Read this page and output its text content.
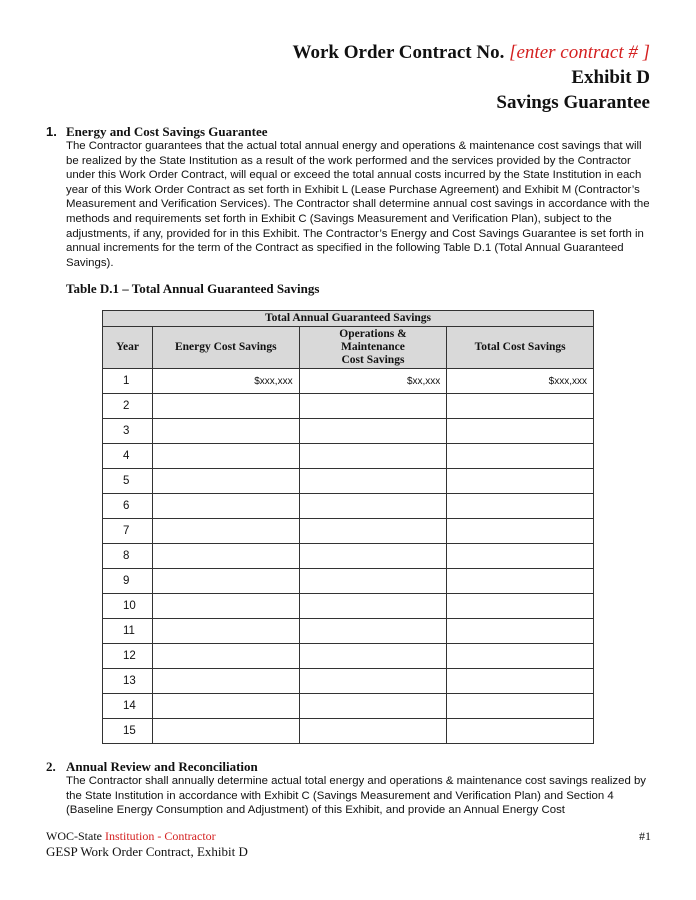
Work Order Contract No. [enter contract # ]
Exhibit D
Savings Guarantee
1. Energy and Cost Savings Guarantee
The Contractor guarantees that the actual total annual energy and operations & maintenance cost savings that will be realized by the State Institution as a result of the work performed and the services provided by the Contractor under this Work Order Contract, will equal or exceed the total annual costs incurred by the State Institution in each year of this Work Order Contract as set forth in Exhibit L (Lease Purchase Agreement) and Exhibit M (Contractor’s Measurement and Verification Services). The Contractor shall determine annual cost savings in accordance with the methods and requirements set forth in Exhibit C (Savings Measurement and Verification Plan), subject to the adjustments, if any, provided for in this Exhibit. The Contractor’s Energy and Cost Savings Guarantee is set forth in annual increments for the term of the Contract as specified in the following Table D.1 (Total Annual Guaranteed Savings).
Table D.1 – Total Annual Guaranteed Savings
Total Annual Guaranteed Savings			
Year	Energy Cost Savings	Operations &
Maintenance
Cost Savings	Total Cost Savings
1	$xxx,xxx	$xx,xxx	$xxx,xxx
2			
3			
4			
5			
6			
7			
8			
9			
10			
11			
12			
13			
14			
15			
2. Annual Review and Reconciliation
The Contractor shall annually determine actual total energy and operations & maintenance cost savings realized by the State Institution in accordance with Exhibit C (Savings Measurement and Verification Plan) and Section 4 (Baseline Energy Consumption and Adjustment) of this Exhibit, and provide an Annual Energy Cost
WOC-State Institution - Contractor	#1
GESP Work Order Contract, Exhibit D
